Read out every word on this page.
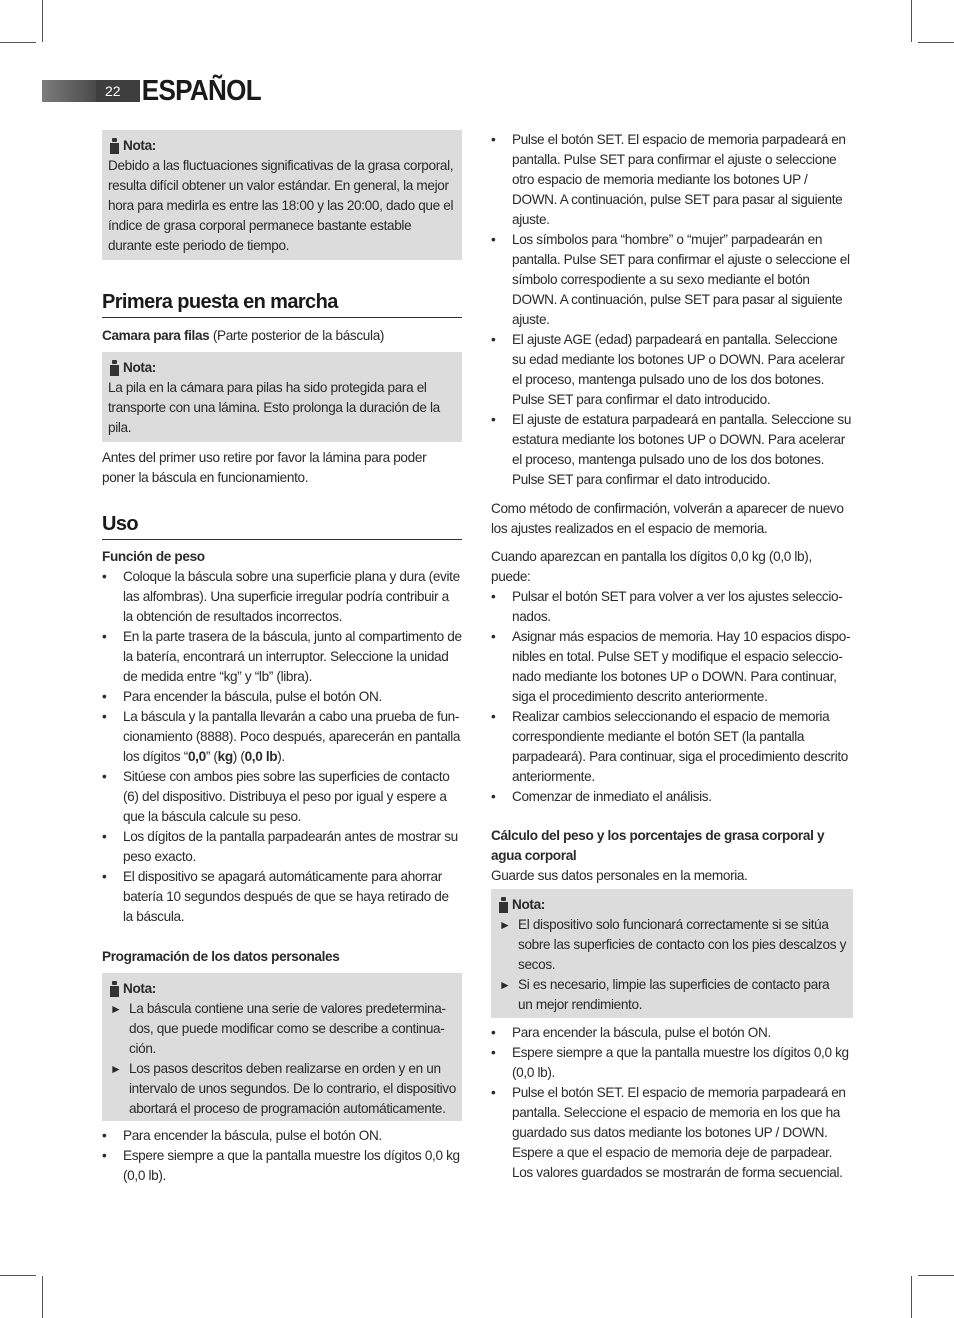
22 ESPAÑOL
Nota:

Debido a las fluctuaciones significativas de la grasa corporal, resulta difícil obtener un valor estándar. En general, la mejor hora para medirla es entre las 18:00 y las 20:00, dado que el índice de grasa corporal permanece bastante estable durante este periodo de tiempo.

Primera puesta en marcha

Camara para filas (Parte posterior de la báscula)

Nota:

La pila en la cámara para pilas ha sido protegida para el transporte con una lámina. Esto prolonga la duración de la pila.

Antes del primer uso retire por favor la lámina para poder poner la báscula en funcionamiento.

Uso

Función de peso

• Coloque la báscula sobre una superficie plana y dura (evite las alfombras). Una superficie irregular podría contribuir a la obtención de resultados incorrectos.
• En la parte trasera de la báscula, junto al compartimento de la batería, encontrará un interruptor. Seleccione la unidad de medida entre “kg” y “lb” (libra).
• Para encender la báscula, pulse el botón ON.
• La báscula y la pantalla llevarán a cabo una prueba de funcionamiento (8888). Poco después, aparecerán en pantalla los dígitos “0,0” (kg) (0,0 lb).
• Sitúese con ambos pies sobre las superficies de contacto (6) del dispositivo. Distribuya el peso por igual y espere a que la báscula calcule su peso.
• Los dígitos de la pantalla parpadearán antes de mostrar su peso exacto.
• El dispositivo se apagará automáticamente para ahorrar batería 10 segundos después de que se haya retirado de la báscula.

Programación de los datos personales

Nota:
► La báscula contiene una serie de valores predeterminados, que puede modificar como se describe a continuación.
► Los pasos descritos deben realizarse en orden y en un intervalo de unos segundos. De lo contrario, el dispositivo abortará el proceso de programación automáticamente.
• Para encender la báscula, pulse el botón ON.
• Espere siempre a que la pantalla muestre los dígitos 0,0 kg (0,0 lb).
• Pulse el botón SET. El espacio de memoria parpadeará en pantalla. Pulse SET para confirmar el ajuste o seleccione otro espacio de memoria mediante los botones UP / DOWN. A continuación, pulse SET para pasar al siguiente ajuste.
• Los símbolos para “hombre” o “mujer” parpadearán en pantalla. Pulse SET para confirmar el ajuste o seleccione el símbolo correspodiente a su sexo mediante el botón DOWN. A continuación, pulse SET para pasar al siguiente ajuste.
• El ajuste AGE (edad) parpadeará en pantalla. Seleccione su edad mediante los botones UP o DOWN. Para acelerar el proceso, mantenga pulsado uno de los dos botones. Pulse SET para confirmar el dato introducido.
• El ajuste de estatura parpadeará en pantalla. Seleccione su estatura mediante los botones UP o DOWN. Para acelerar el proceso, mantenga pulsado uno de los dos botones. Pulse SET para confirmar el dato introducido.

Como método de confirmación, volverán a aparecer de nuevo los ajustes realizados en el espacio de memoria.

Cuando aparezcan en pantalla los dígitos 0,0 kg (0,0 lb), puede:

• Pulsar el botón SET para volver a ver los ajustes seleccionados.
• Asignar más espacios de memoria. Hay 10 espacios disponibles en total. Pulse SET y modifique el espacio seleccionado mediante los botones UP o DOWN. Para continuar, siga el procedimiento descrito anteriormente.
• Realizar cambios seleccionando el espacio de memoria correspondiente mediante el botón SET (la pantalla parpadeará). Para continuar, siga el procedimiento descrito anteriormente.
• Comenzar de inmediato el análisis.

Cálculo del peso y los porcentajes de grasa corporal y agua corporal

Guarde sus datos personales en la memoria.

Nota:
► El dispositivo solo funcionará correctamente si se sitúa sobre las superficies de contacto con los pies descalzos y secos.
► Si es necesario, limpie las superficies de contacto para un mejor rendimiento.
• Para encender la báscula, pulse el botón ON.
• Espere siempre a que la pantalla muestre los dígitos 0,0 kg (0,0 lb).
• Pulse el botón SET. El espacio de memoria parpadeará en pantalla. Seleccione el espacio de memoria en los que ha guardado sus datos mediante los botones UP / DOWN. Espere a que el espacio de memoria deje de parpadear. Los valores guardados se mostrarán de forma secuencial.
